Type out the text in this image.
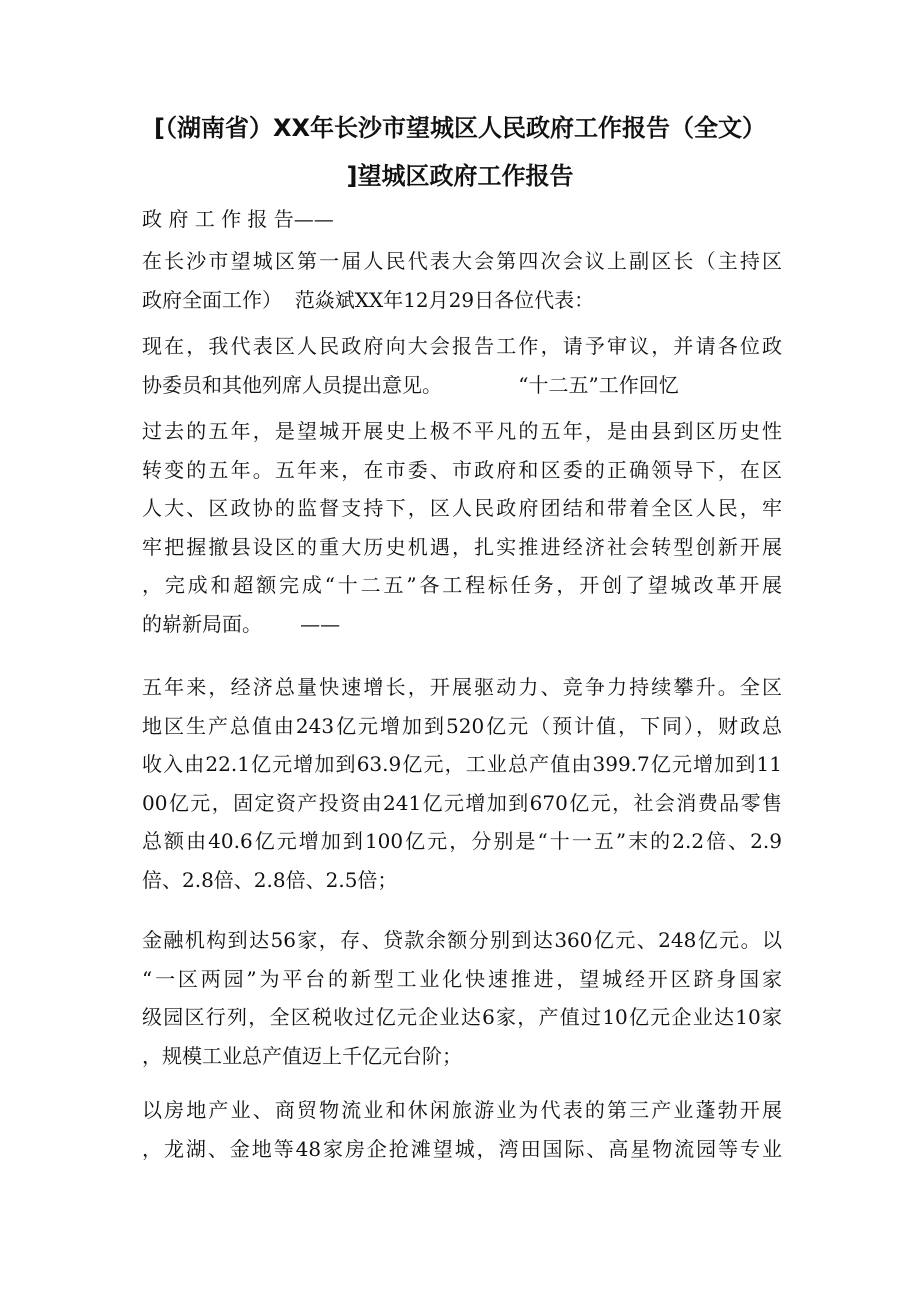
[（湖南省）XX年长沙市望城区人民政府工作报告（全文）
]望城区政府工作报告
政 府 工 作 报 告——
在长沙市望城区第一届人民代表大会第四次会议上副区长（主持区
政府全面工作）  范焱斌XX年12月29日各位代表：
现在，我代表区人民政府向大会报告工作，请予审议，并请各位政
协委员和其他列席人员提出意见。            “十二五”工作回忆
过去的五年，是望城开展史上极不平凡的五年，是由县到区历史性
转变的五年。五年来，在市委、市政府和区委的正确领导下，在区
人大、区政协的监督支持下，区人民政府团结和带着全区人民，牢
牢把握撤县设区的重大历史机遇，扎实推进经济社会转型创新开展
，完成和超额完成“十二五”各工程标任务，开创了望城改革开展
的崭新局面。      ——
五年来，经济总量快速增长，开展驱动力、竞争力持续攀升。全区
地区生产总值由243亿元增加到520亿元（预计值，下同），财政总
收入由22.1亿元增加到63.9亿元，工业总产值由399.7亿元增加到11
00亿元，固定资产投资由241亿元增加到670亿元，社会消费品零售
总额由40.6亿元增加到100亿元，分别是“十一五”末的2.2倍、2.9
倍、2.8倍、2.8倍、2.5倍；
金融机构到达56家，存、贷款余额分别到达360亿元、248亿元。以
“一区两园”为平台的新型工业化快速推进，望城经开区跻身国家
级园区行列，全区税收过亿元企业达6家，产值过10亿元企业达10家
，规模工业总产值迈上千亿元台阶；
以房地产业、商贸物流业和休闲旅游业为代表的第三产业蓬勃开展
，龙湖、金地等48家房企抢滩望城，湾田国际、高星物流园等专业
